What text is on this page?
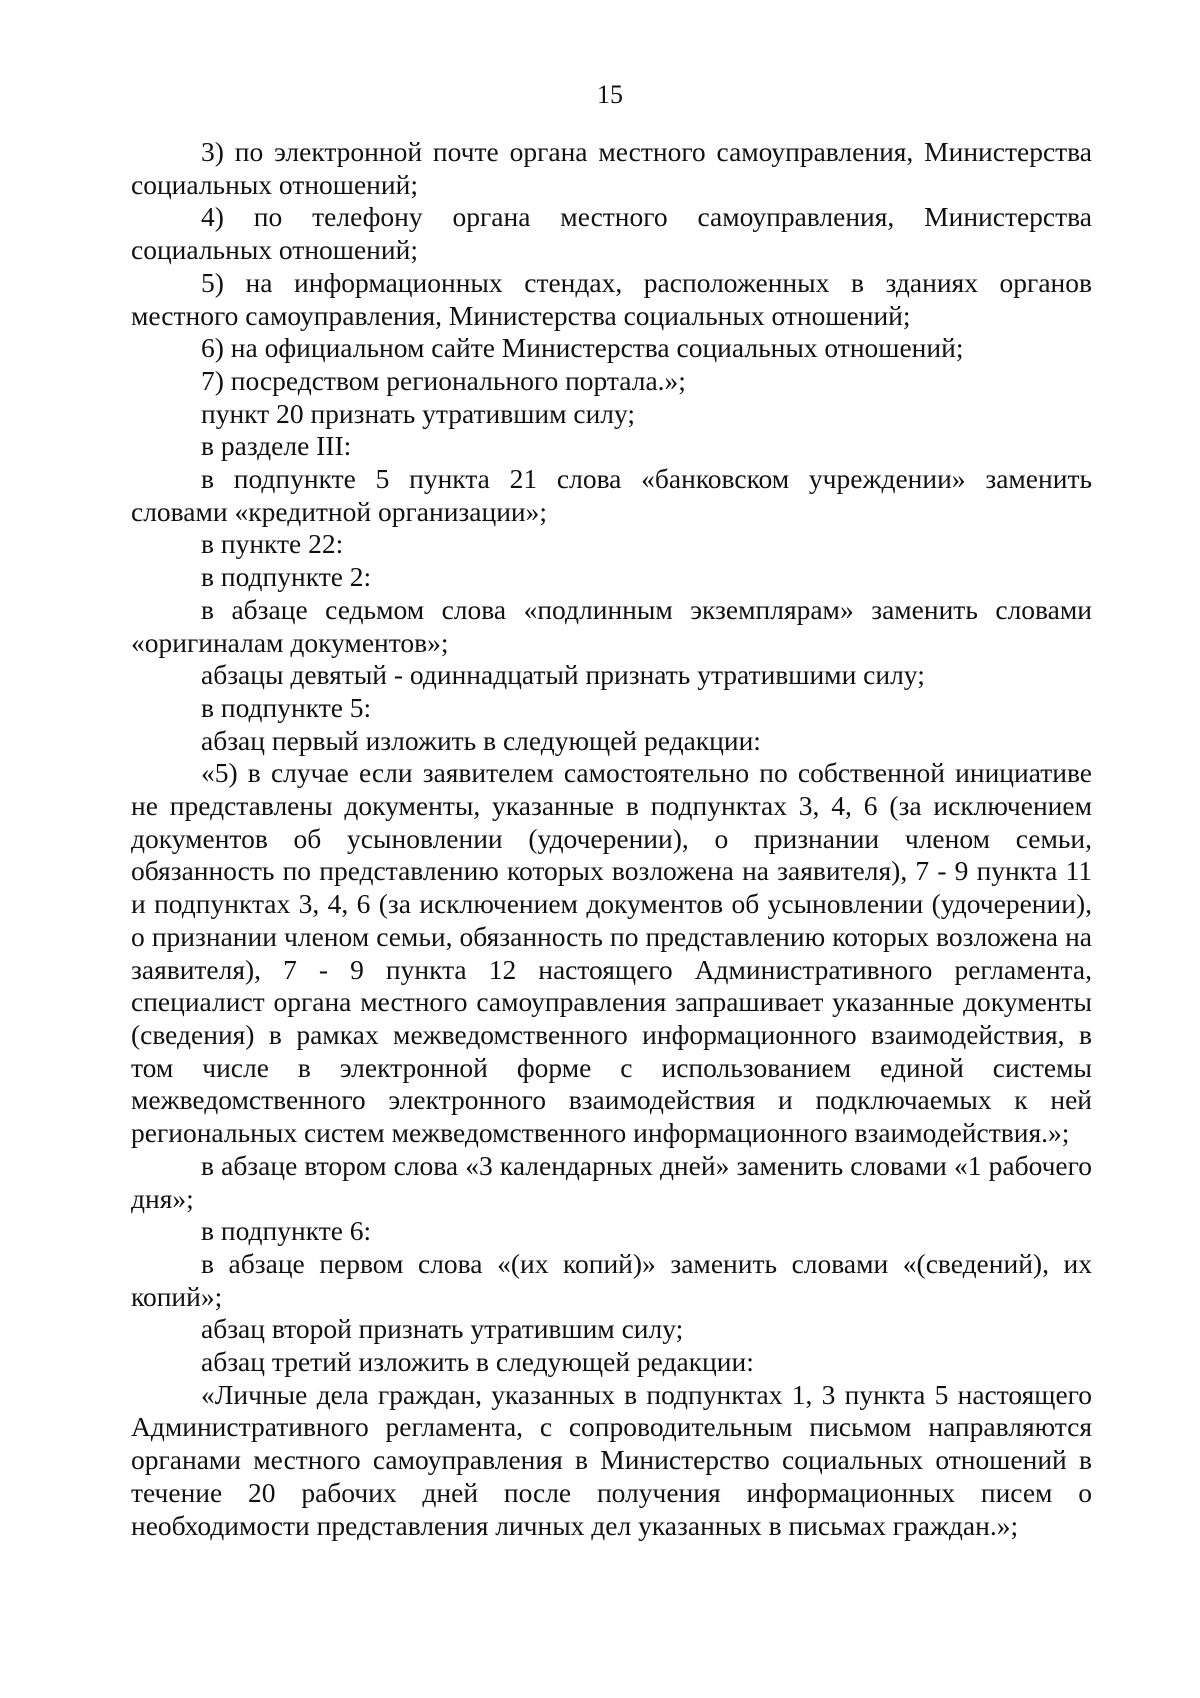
15

3) по электронной почте органа местного самоуправления, Министерства социальных отношений;

4) по телефону органа местного самоуправления, Министерства социальных отношений;

5) на информационных стендах, расположенных в зданиях органов местного самоуправления, Министерства социальных отношений;

6) на официальном сайте Министерства социальных отношений;

7) посредством регионального портала.»;

пункт 20 признать утратившим силу;

в разделе III:

в подпункте 5 пункта 21 слова «банковском учреждении» заменить словами «кредитной организации»;

в пункте 22:

в подпункте 2:

в абзаце седьмом слова «подлинным экземплярам» заменить словами «оригиналам документов»;

абзацы девятый - одиннадцатый признать утратившими силу;

в подпункте 5:

абзац первый изложить в следующей редакции:

«5) в случае если заявителем самостоятельно по собственной инициативе не представлены документы, указанные в подпунктах 3, 4, 6 (за исключением документов об усыновлении (удочерении), о признании членом семьи, обязанность по представлению которых возложена на заявителя), 7 - 9 пункта 11 и подпунктах 3, 4, 6 (за исключением документов об усыновлении (удочерении), о признании членом семьи, обязанность по представлению которых возложена на заявителя), 7 - 9 пункта 12 настоящего Административного регламента, специалист органа местного самоуправления запрашивает указанные документы (сведения) в рамках межведомственного информационного взаимодействия, в том числе в электронной форме с использованием единой системы межведомственного электронного взаимодействия и подключаемых к ней региональных систем межведомственного информационного взаимодействия.»;

в абзаце втором слова «3 календарных дней» заменить словами «1 рабочего дня»;

в подпункте 6:

в абзаце первом слова «(их копий)» заменить словами «(сведений), их копий»;

абзац второй признать утратившим силу;

абзац третий изложить в следующей редакции:

«Личные дела граждан, указанных в подпунктах 1, 3 пункта 5 настоящего Административного регламента, с сопроводительным письмом направляются органами местного самоуправления в Министерство социальных отношений в течение 20 рабочих дней после получения информационных писем о необходимости представления личных дел указанных в письмах граждан.»;
